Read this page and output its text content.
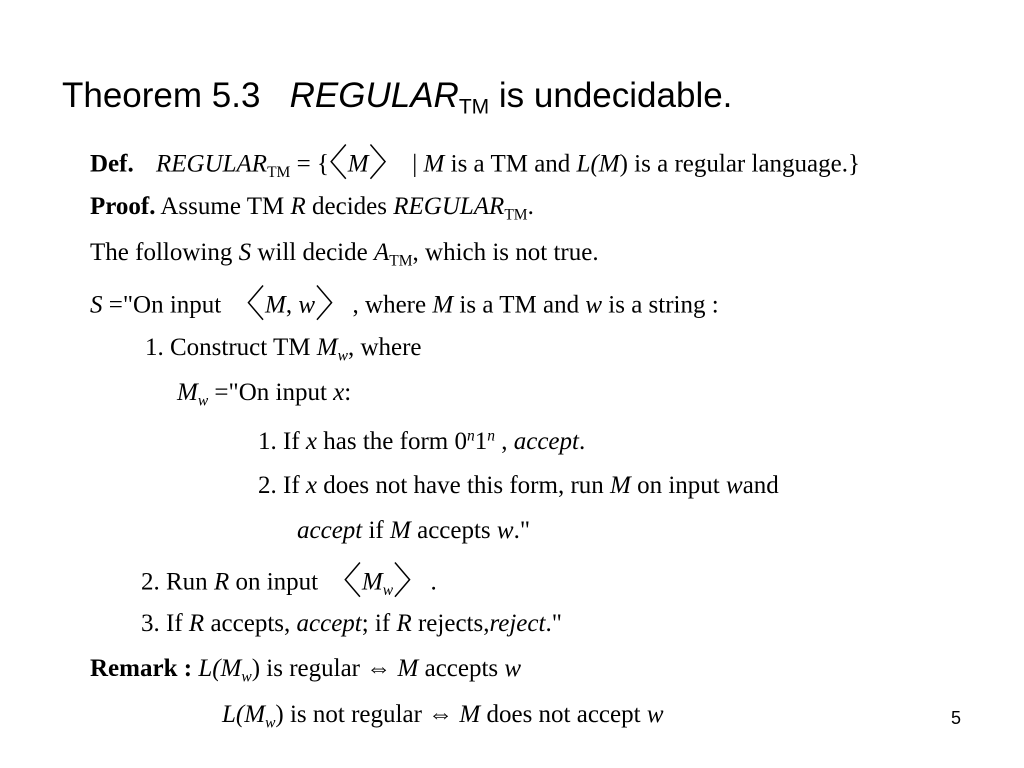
Theorem 5.3 $REGULAR_{TM}$ is undecidable.
Def. $REGULAR_{TM}$ = {〈M〉 | M is a TM and L(M) is a regular language.}
Proof. Assume TM R decides $REGULAR_{TM}$.
The following S will decide $A_{TM}$, which is not true.
S ="On input 〈M, w〉, where M is a TM and w is a string :
1. Construct TM $M_w$, where
$M_w$ ="On input x:
1. If x has the form 0$^n$1$^n$ , accept.
2. If x does not have this form, run M on input wand
accept if M accepts w."
2. Run R on input 〈$M_w$〉.
3. If R accepts, accept; if R rejects,reject."
Remark : $L(M_w)$ is regular ⇔ M accepts w
$L(M_w)$ is not regular ⇔ M does not accept w	5
